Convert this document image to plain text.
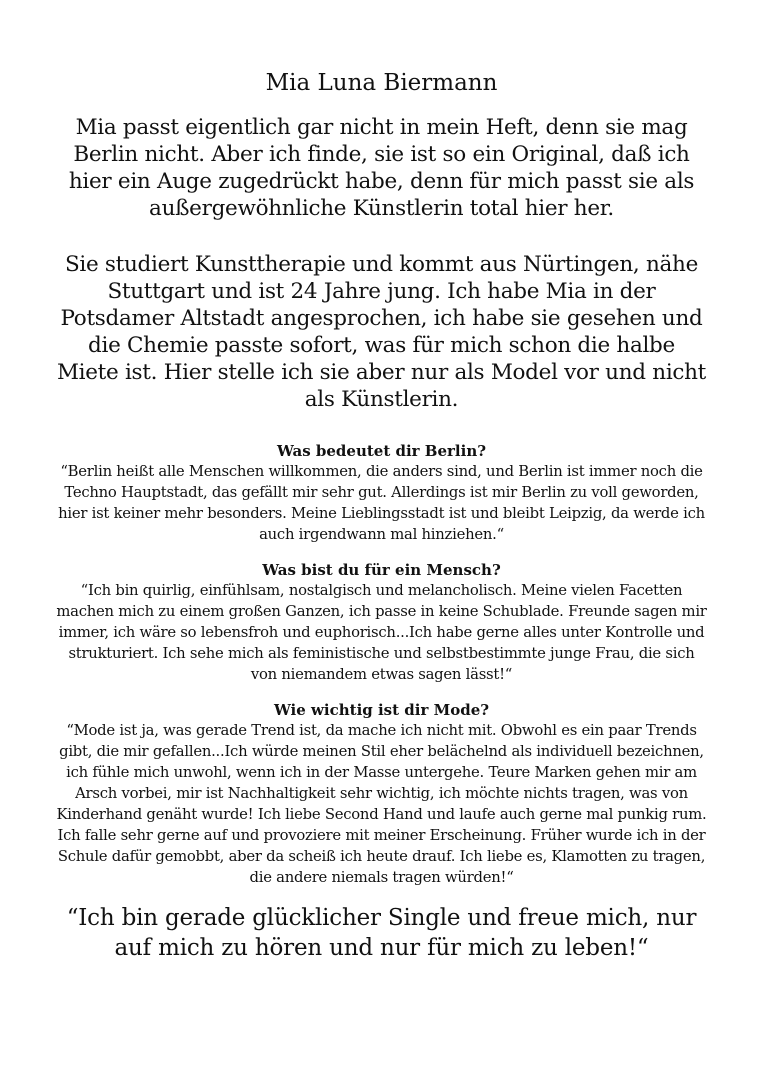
Mia Luna Biermann

Mia passt eigentlich gar nicht in mein Heft, denn sie mag Berlin nicht. Aber ich finde, sie ist so ein Original, daß ich hier ein Auge zugedrückt habe, denn für mich passt sie als außergewöhnliche Künstlerin total hier her.

Sie studiert Kunsttherapie und kommt aus Nürtingen, nähe Stuttgart und ist 24 Jahre jung. Ich habe Mia in der Potsdamer Altstadt angesprochen, ich habe sie gesehen und die Chemie passte sofort, was für mich schon die halbe Miete ist. Hier stelle ich sie aber nur als Model vor und nicht als Künstlerin.

Was bedeutet dir Berlin?

“Berlin heißt alle Menschen willkommen, die anders sind, und Berlin ist immer noch die Techno Hauptstadt, das gefällt mir sehr gut. Allerdings ist mir Berlin zu voll geworden, hier ist keiner mehr besonders. Meine Lieblingsstadt ist und bleibt Leipzig, da werde ich auch irgendwann mal hinziehen.“

Was bist du für ein Mensch?

“Ich bin quirlig, einfühlsam, nostalgisch und melancholisch. Meine vielen Facetten machen mich zu einem großen Ganzen, ich passe in keine Schublade. Freunde sagen mir immer, ich wäre so lebensfroh und euphorisch...Ich habe gerne alles unter Kontrolle und strukturiert. Ich sehe mich als feministische und selbstbestimmte junge Frau, die sich von niemandem etwas sagen lässt!“

Wie wichtig ist dir Mode?

“Mode ist ja, was gerade Trend ist, da mache ich nicht mit. Obwohl es ein paar Trends gibt, die mir gefallen...Ich würde meinen Stil eher belächelnd als individuell bezeichnen, ich fühle mich unwohl, wenn ich in der Masse untergehe. Teure Marken gehen mir am Arsch vorbei, mir ist Nachhaltigkeit sehr wichtig, ich möchte nichts tragen, was von Kinderhand genäht wurde! Ich liebe Second Hand und laufe auch gerne mal punkig rum. Ich falle sehr gerne auf und provoziere mit meiner Erscheinung. Früher wurde ich in der Schule dafür gemobbt, aber da scheiß ich heute drauf. Ich liebe es, Klamotten zu tragen, die andere niemals tragen würden!“

“Ich bin gerade glücklicher Single und freue mich, nur auf mich zu hören und nur für mich zu leben!“
